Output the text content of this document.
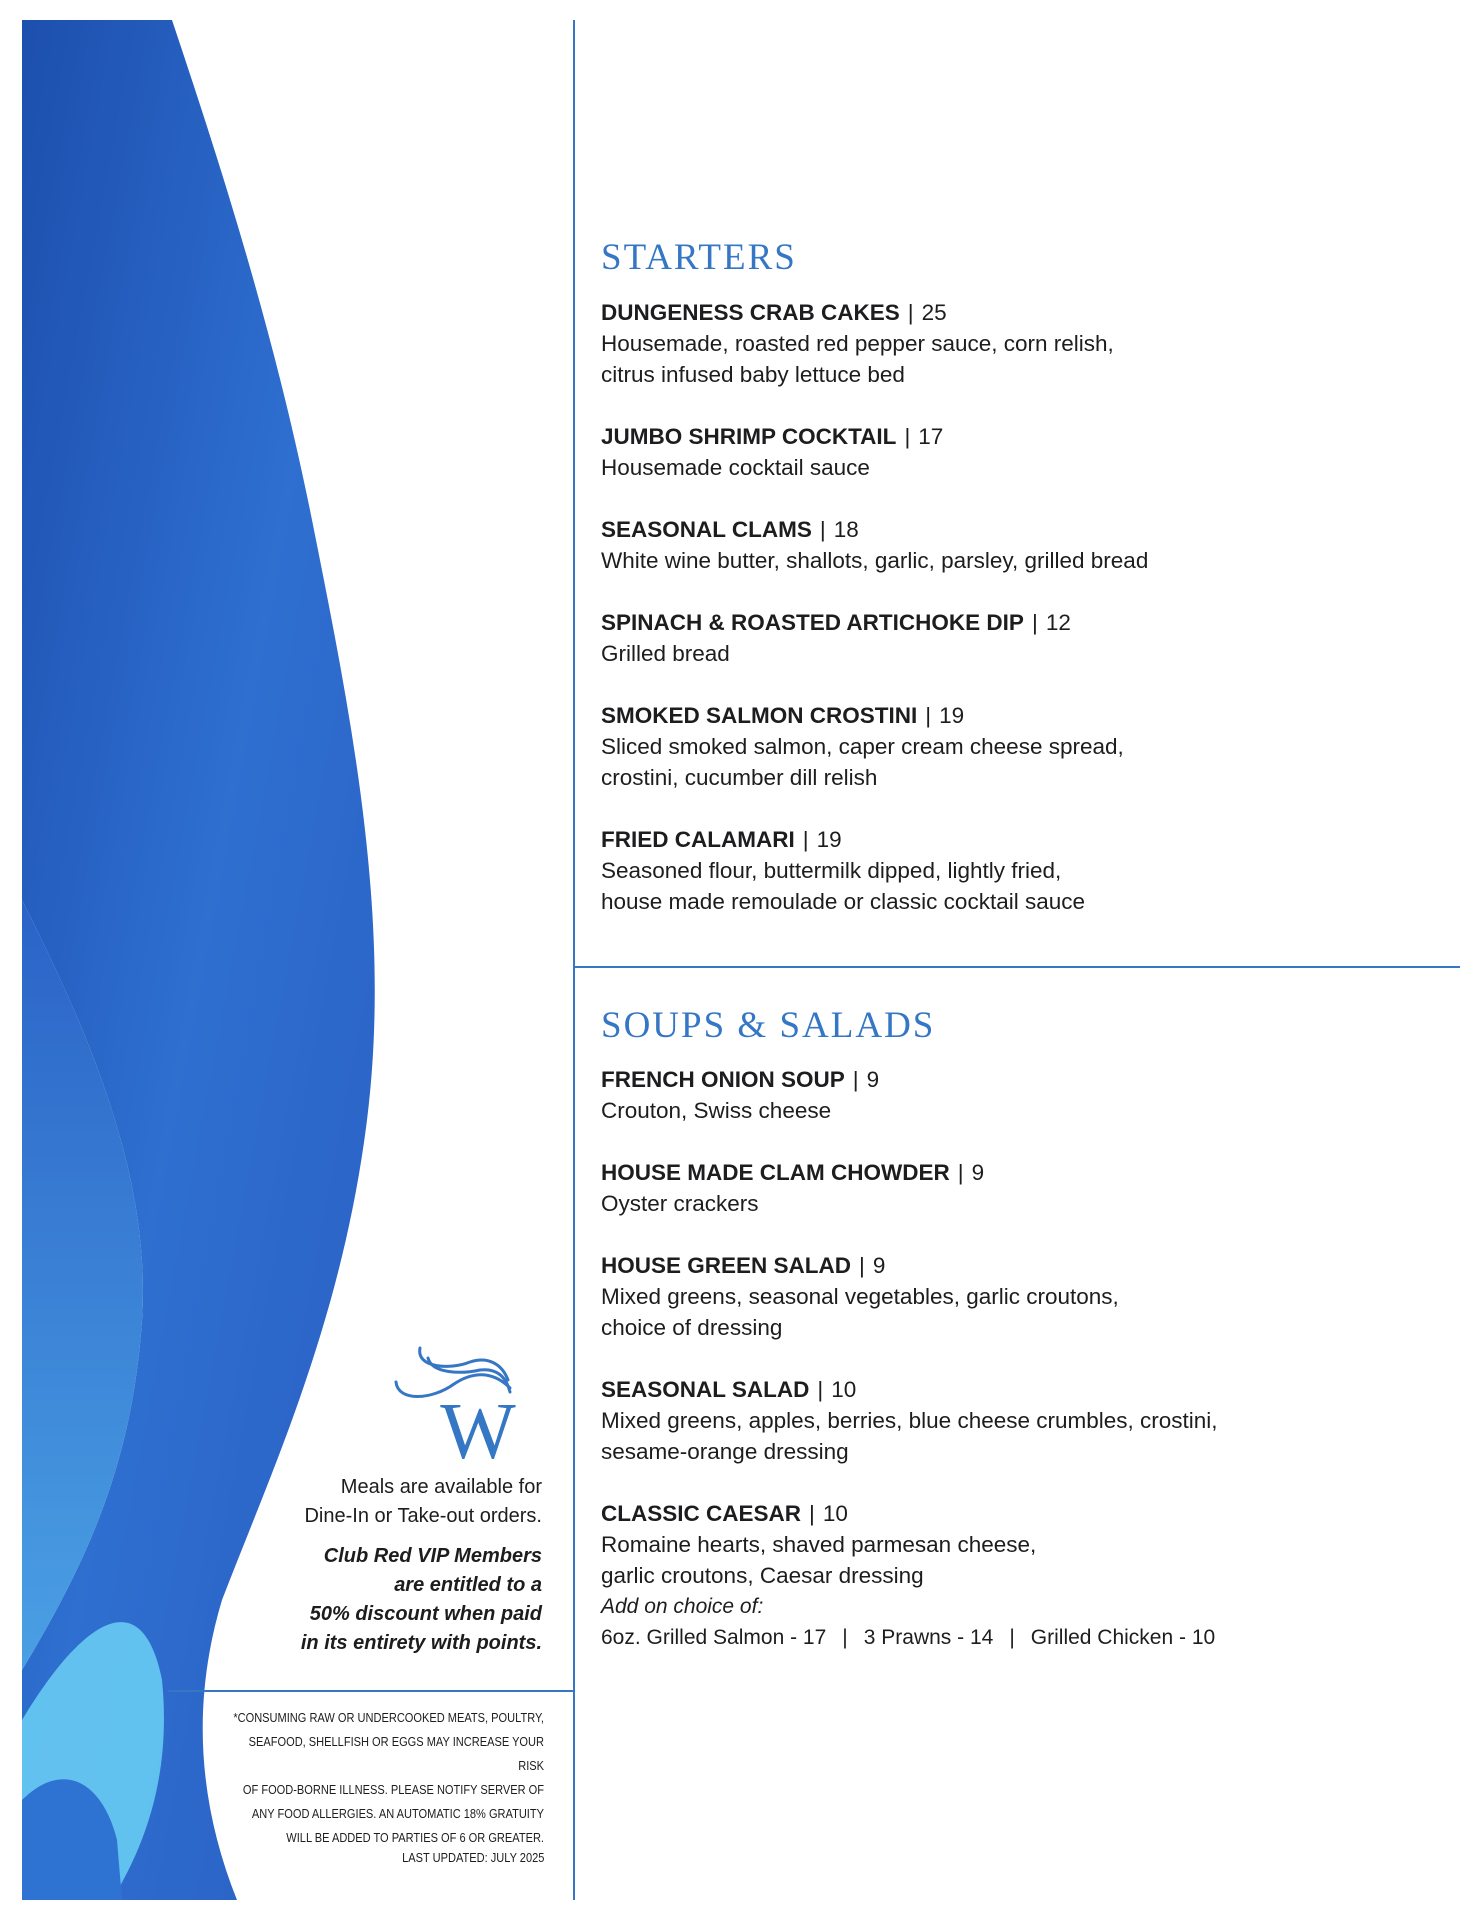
STARTERS
DUNGENESS CRAB CAKES | 25
Housemade, roasted red pepper sauce, corn relish,
citrus infused baby lettuce bed
JUMBO SHRIMP COCKTAIL | 17
Housemade cocktail sauce
SEASONAL CLAMS | 18
White wine butter, shallots, garlic, parsley, grilled bread
SPINACH & ROASTED ARTICHOKE DIP | 12
Grilled bread
SMOKED SALMON CROSTINI | 19
Sliced smoked salmon, caper cream cheese spread,
crostini, cucumber dill relish
FRIED CALAMARI | 19
Seasoned flour, buttermilk dipped, lightly fried,
house made remoulade or classic cocktail sauce
SOUPS & SALADS
FRENCH ONION SOUP | 9
Crouton, Swiss cheese
HOUSE MADE CLAM CHOWDER | 9
Oyster crackers
HOUSE GREEN SALAD | 9
Mixed greens, seasonal vegetables, garlic croutons,
choice of dressing
SEASONAL SALAD | 10
Mixed greens, apples, berries, blue cheese crumbles, crostini,
sesame-orange dressing
CLASSIC CAESAR | 10
Romaine hearts, shaved parmesan cheese,
garlic croutons, Caesar dressing
Add on choice of:
6oz. Grilled Salmon - 17 | 3 Prawns - 14 | Grilled Chicken - 10
W
Meals are available for
Dine-In or Take-out orders.
Club Red VIP Members
are entitled to a
50% discount when paid
in its entirety with points.
*CONSUMING RAW OR UNDERCOOKED MEATS, POULTRY,
SEAFOOD, SHELLFISH OR EGGS MAY INCREASE YOUR RISK
OF FOOD-BORNE ILLNESS. PLEASE NOTIFY SERVER OF
ANY FOOD ALLERGIES. AN AUTOMATIC 18% GRATUITY
WILL BE ADDED TO PARTIES OF 6 OR GREATER.
LAST UPDATED: JULY 2025
